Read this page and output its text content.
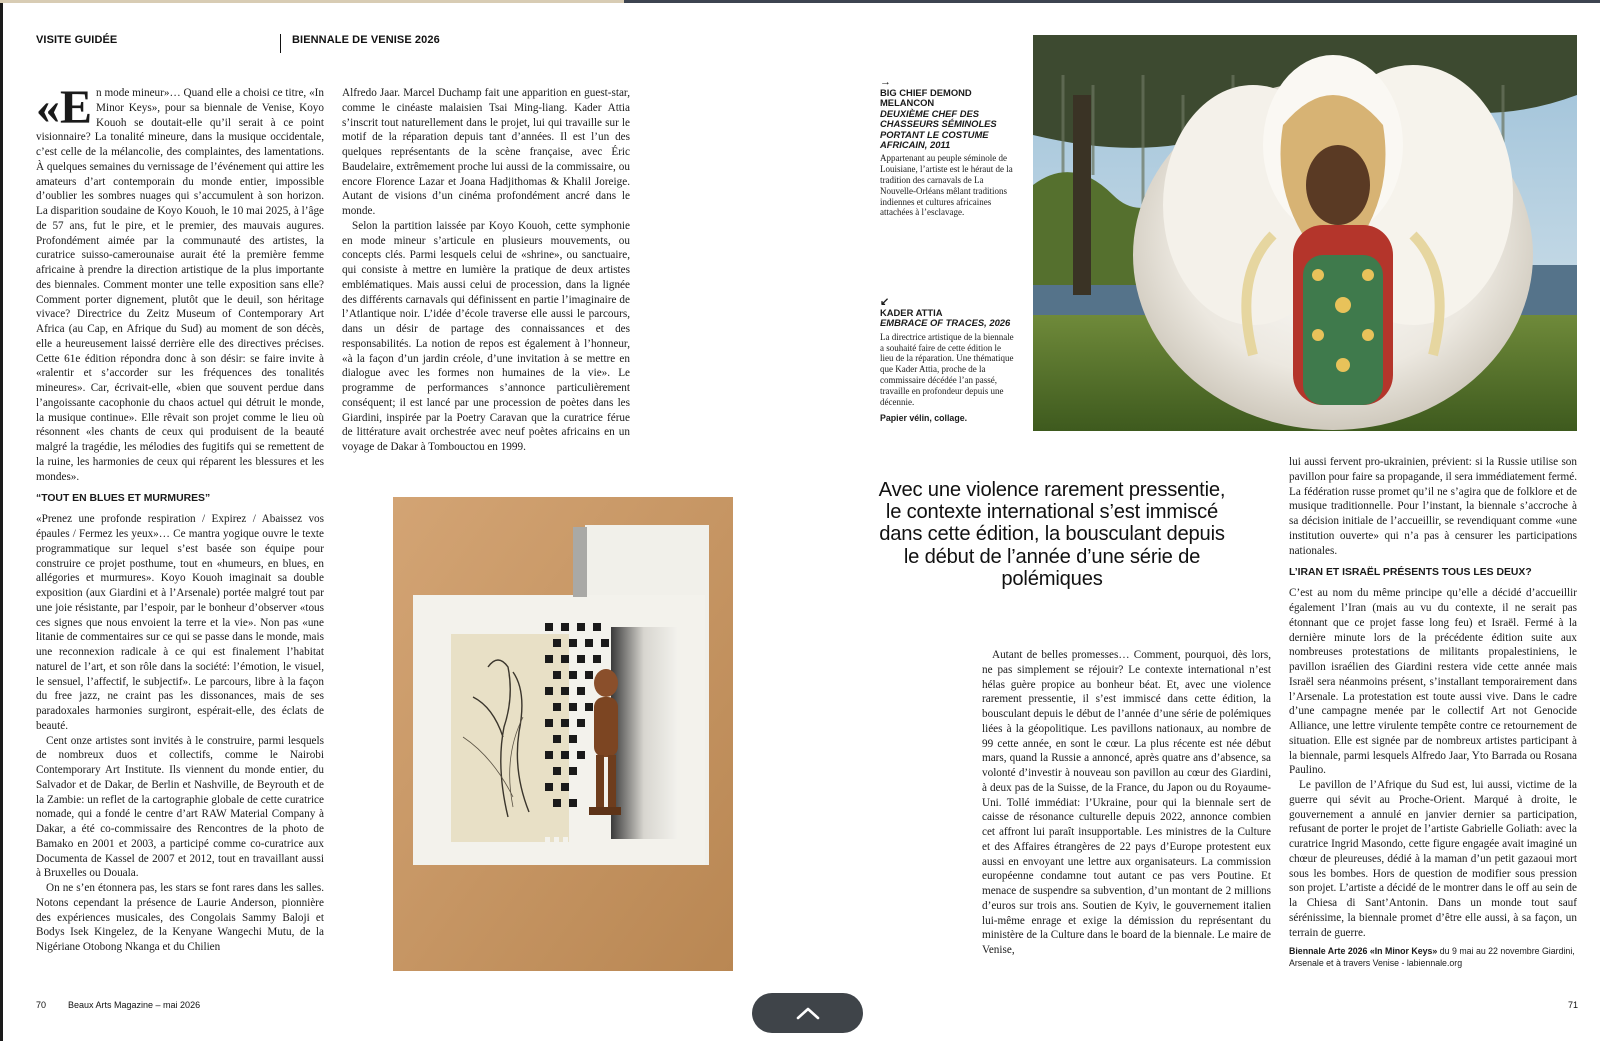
VISITE GUIDÉE	BIENNALE DE VENISE 2026

«E n mode mineur»… Quand elle a choisi ce titre, «In Minor Keys», pour sa biennale de Venise, Koyo Kouoh se doutait-elle qu’il serait à ce point visionnaire? La tonalité mineure, dans la musique occidentale, c’est celle de la mélancolie, des complaintes, des lamentations. À quelques semaines du vernissage de l’événement qui attire les amateurs d’art contemporain du monde entier, impossible d’oublier les sombres nuages qui s’accumulent à son horizon. La disparition soudaine de Koyo Kouoh, le 10 mai 2025, à l’âge de 57 ans, fut le pire, et le premier, des mauvais augures. Profondément aimée par la communauté des artistes, la curatrice suisso-camerounaise aurait été la première femme africaine à prendre la direction artistique de la plus importante des biennales. Comment monter une telle exposition sans elle? Comment porter dignement, plutôt que le deuil, son héritage vivace? Directrice du Zeitz Museum of Contemporary Art Africa (au Cap, en Afrique du Sud) au moment de son décès, elle a heureusement laissé derrière elle des directives précises. Cette 61e édition répondra donc à son désir: se faire invite à «ralentir et s’accorder sur les fréquences des tonalités mineures». Car, écrivait-elle, «bien que souvent perdue dans l’angoissante cacophonie du chaos actuel qui détruit le monde, la musique continue». Elle rêvait son projet comme le lieu où résonnent «les chants de ceux qui produisent de la beauté malgré la tragédie, les mélodies des fugitifs qui se remettent de la ruine, les harmonies de ceux qui réparent les blessures et les mondes».

“TOUT EN BLUES ET MURMURES”

«Prenez une profonde respiration / Expirez / Abaissez vos épaules / Fermez les yeux»… Ce mantra yogique ouvre le texte programmatique sur lequel s’est basée son équipe pour construire ce projet posthume, tout en «humeurs, en blues, en allégories et murmures». Koyo Kouoh imaginait sa double exposition (aux Giardini et à l’Arsenale) portée malgré tout par une joie résistante, par l’espoir, par le bonheur d’observer «tous ces signes que nous envoient la terre et la vie». Non pas «une litanie de commentaires sur ce qui se passe dans le monde, mais une reconnexion radicale à ce qui est finalement l’habitat naturel de l’art, et son rôle dans la société: l’émotion, le visuel, le sensuel, l’affectif, le subjectif». Le parcours, libre à la façon du free jazz, ne craint pas les dissonances, mais de ses paradoxales harmonies surgiront, espérait-elle, des éclats de beauté.

Cent onze artistes sont invités à le construire, parmi lesquels de nombreux duos et collectifs, comme le Nairobi Contemporary Art Institute. Ils viennent du monde entier, du Salvador et de Dakar, de Berlin et Nashville, de Beyrouth et de la Zambie: un reflet de la cartographie globale de cette curatrice nomade, qui a fondé le centre d’art RAW Material Company à Dakar, a été co-commissaire des Rencontres de la photo de Bamako en 2001 et 2003, a participé comme co-curatrice aux Documenta de Kassel de 2007 et 2012, tout en travaillant aussi à Bruxelles ou Douala.

On ne s’en étonnera pas, les stars se font rares dans les salles. Notons cependant la présence de Laurie Anderson, pionnière des expériences musicales, des Congolais Sammy Baloji et Bodys Isek Kingelez, de la Kenyane Wangechi Mutu, de la Nigériane Otobong Nkanga et du Chilien

Alfredo Jaar. Marcel Duchamp fait une apparition en guest-star, comme le cinéaste malaisien Tsai Ming-liang. Kader Attia s’inscrit tout naturellement dans le projet, lui qui travaille sur le motif de la réparation depuis tant d’années. Il est l’un des quelques représentants de la scène française, avec Éric Baudelaire, extrêmement proche lui aussi de la commissaire, ou encore Florence Lazar et Joana Hadjithomas & Khalil Joreige. Autant de visions d’un cinéma profondément ancré dans le monde.

Selon la partition laissée par Koyo Kouoh, cette symphonie en mode mineur s’articule en plusieurs mouvements, ou concepts clés. Parmi lesquels celui de «shrine», ou sanctuaire, qui consiste à mettre en lumière la pratique de deux artistes emblématiques. Mais aussi celui de procession, dans la lignée des différents carnavals qui définissent en partie l’imaginaire de l’Atlantique noir. L’idée d’école traverse elle aussi le parcours, dans un désir de partage des connaissances et des responsabilités. La notion de repos est également à l’honneur, «à la façon d’un jardin créole, d’une invitation à se mettre en dialogue avec les formes non humaines de la vie». Le programme de performances s’annonce particulièrement conséquent; il est lancé par une procession de poètes dans les Giardini, inspirée par la Poetry Caravan que la curatrice férue de littérature avait orchestrée avec neuf poètes africains en un voyage de Dakar à Tombouctou en 1999.

→
BIG CHIEF DEMOND MELANCON
DEUXIÈME CHEF DES CHASSEURS SÉMINOLES PORTANT LE COSTUME AFRICAIN, 2011
Appartenant au peuple séminole de Louisiane, l’artiste est le héraut de la tradition des carnavals de La Nouvelle-Orléans mêlant traditions indiennes et cultures africaines attachées à l’esclavage.
↙
KADER ATTIA
EMBRACE OF TRACES, 2026
La directrice artistique de la biennale a souhaité faire de cette édition le lieu de la réparation. Une thématique que Kader Attia, proche de la commissaire décédée l’an passé, travaille en profondeur depuis une décennie.
Papier vélin, collage.
Avec une violence rarement pressentie, le contexte international s’est immiscé dans cette édition, la bousculant depuis le début de l’année d’une série de polémiques

Autant de belles promesses… Comment, pourquoi, dès lors, ne pas simplement se réjouir? Le contexte international n’est hélas guère propice au bonheur béat. Et, avec une violence rarement pressentie, il s’est immiscé dans cette édition, la bousculant depuis le début de l’année d’une série de polémiques liées à la géopolitique. Les pavillons nationaux, au nombre de 99 cette année, en sont le cœur. La plus récente est née début mars, quand la Russie a annoncé, après quatre ans d’absence, sa volonté d’investir à nouveau son pavillon au cœur des Giardini, à deux pas de la Suisse, de la France, du Japon ou du Royaume-Uni. Tollé immédiat: l’Ukraine, pour qui la biennale sert de caisse de résonance culturelle depuis 2022, annonce combien cet affront lui paraît insupportable. Les ministres de la Culture et des Affaires étrangères de 22 pays d’Europe protestent eux aussi en envoyant une lettre aux organisateurs. La commission européenne condamne tout autant ce pas vers Poutine. Et menace de suspendre sa subvention, d’un montant de 2 millions d’euros sur trois ans. Soutien de Kyiv, le gouvernement italien lui-même enrage et exige la démission du représentant du ministère de la Culture dans le board de la biennale. Le maire de Venise,

lui aussi fervent pro-ukrainien, prévient: si la Russie utilise son pavillon pour faire sa propagande, il sera immédiatement fermé. La fédération russe promet qu’il ne s’agira que de folklore et de musique traditionnelle. Pour l’instant, la biennale s’accroche à sa décision initiale de l’accueillir, se revendiquant comme «une institution ouverte» qui n’a pas à censurer les participations nationales.

L’IRAN ET ISRAËL PRÉSENTS TOUS LES DEUX?

C’est au nom du même principe qu’elle a décidé d’accueillir également l’Iran (mais au vu du contexte, il ne serait pas étonnant que ce projet fasse long feu) et Israël. Fermé à la dernière minute lors de la précédente édition suite aux nombreuses protestations de militants propalestiniens, le pavillon israélien des Giardini restera vide cette année mais Israël sera néanmoins présent, s’installant temporairement dans l’Arsenale. La protestation est toute aussi vive. Dans le cadre d’une campagne menée par le collectif Art not Genocide Alliance, une lettre virulente tempête contre ce retournement de situation. Elle est signée par de nombreux artistes participant à la biennale, parmi lesquels Alfredo Jaar, Yto Barrada ou Rosana Paulino.

Le pavillon de l’Afrique du Sud est, lui aussi, victime de la guerre qui sévit au Proche-Orient. Marqué à droite, le gouvernement a annulé en janvier dernier sa participation, refusant de porter le projet de l’artiste Gabrielle Goliath: avec la curatrice Ingrid Masondo, cette figure engagée avait imaginé un chœur de pleureuses, dédié à la maman d’un petit gazaoui mort sous les bombes. Hors de question de modifier sous pression son projet. L’artiste a décidé de le montrer dans le off au sein de la Chiesa di Sant’Antonin. Dans un monde tout sauf sérénissime, la biennale promet d’être elle aussi, à sa façon, un terrain de guerre.

Biennale Arte 2026 «In Minor Keys» du 9 mai au 22 novembre Giardini, Arsenale et à travers Venise - labiennale.org
70 Beaux Arts Magazine – mai 2026	71
